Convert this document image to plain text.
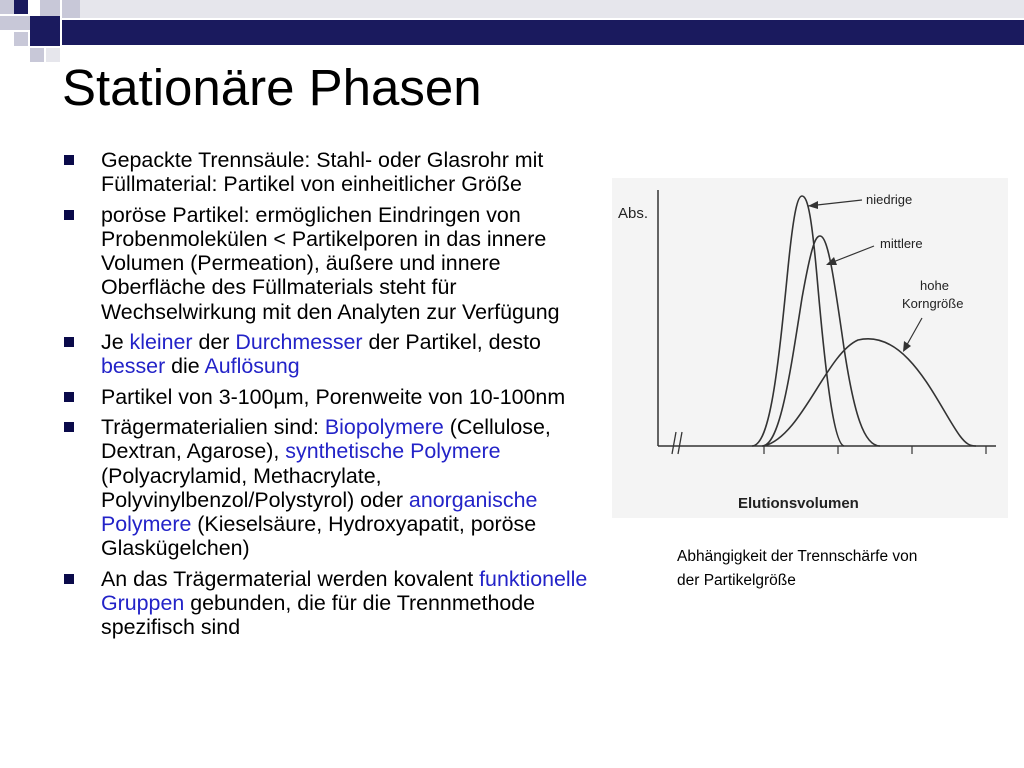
Stationäre Phasen
Gepackte Trennsäule: Stahl- oder Glasrohr mit Füllmaterial: Partikel von einheitlicher Größe
poröse Partikel: ermöglichen Eindringen von Probenmolekülen < Partikelporen in das innere Volumen (Permeation), äußere und innere Oberfläche des Füllmaterials steht für Wechselwirkung mit den Analyten zur Verfügung
Je kleiner der Durchmesser der Partikel, desto besser die Auflösung
Partikel von 3-100µm, Porenweite von 10-100nm
Trägermaterialien sind: Biopolymere (Cellulose, Dextran, Agarose), synthetische Polymere (Polyacrylamid, Methacrylate, Polyvinylbenzol/Polystyrol) oder anorganische Polymere (Kieselsäure, Hydroxyapatit, poröse Glaskügelchen)
An das Trägermaterial werden kovalent funktionelle Gruppen gebunden, die für die Trennmethode spezifisch sind
Abs.
niedrige
mittlere
hohe
Korngröße
Elutionsvolumen

Abhängigkeit der Trennschärfe von
der Partikelgröße
